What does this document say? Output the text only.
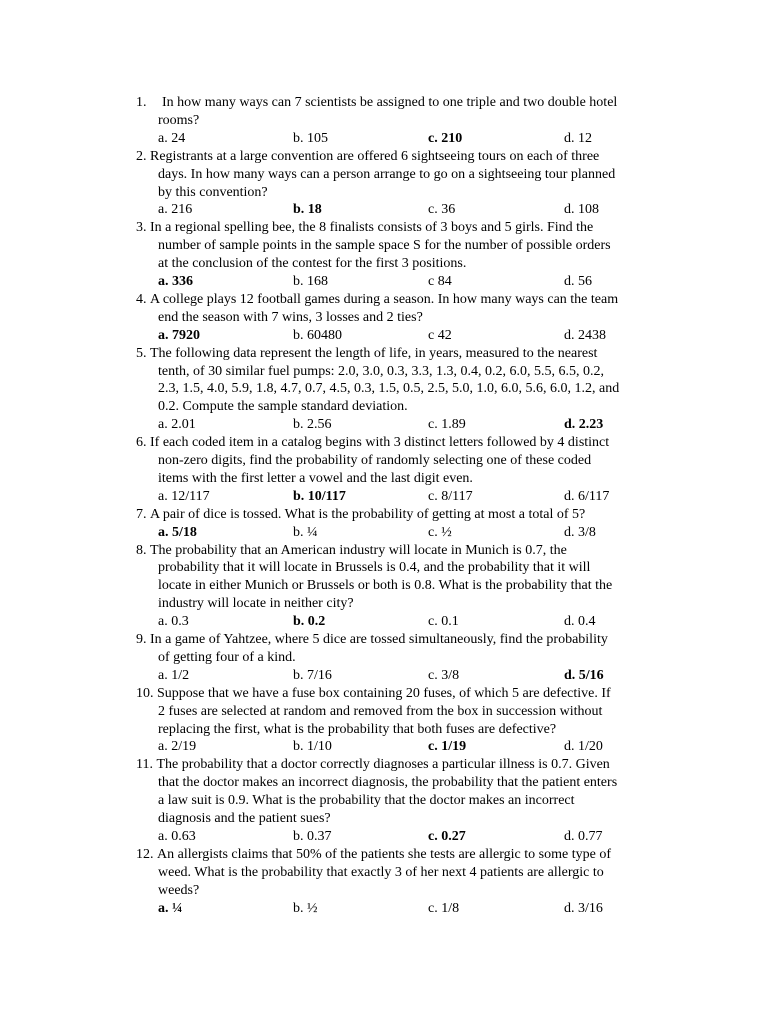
1.	In how many ways can 7 scientists be assigned to one triple and two double hotel
rooms?
a. 24	b. 105	c. 210	d. 12
2.
Registrants at a large convention are offered 6 sightseeing tours on each of three
days. In how many ways can a person arrange to go on a sightseeing tour planned
by this convention?
a. 216	b. 18	c. 36	d. 108
3.
In a regional spelling bee, the 8 finalists consists of 3 boys and 5 girls. Find the
number of sample points in the sample space S for the number of possible orders
at the conclusion of the contest for the first 3 positions.
a. 336	b. 168	c 84	d. 56
4.
A college plays 12 football games during a season. In how many ways can the team
end the season with 7 wins, 3 losses and 2 ties?
a. 7920	b. 60480	c 42	d. 2438
5.
The following data represent the length of life, in years, measured to the nearest
tenth, of 30 similar fuel pumps: 2.0, 3.0, 0.3, 3.3, 1.3, 0.4, 0.2, 6.0, 5.5, 6.5, 0.2,
2.3, 1.5, 4.0, 5.9, 1.8, 4.7, 0.7, 4.5, 0.3, 1.5, 0.5, 2.5, 5.0, 1.0, 6.0, 5.6, 6.0, 1.2, and
0.2. Compute the sample standard deviation.
a. 2.01	b. 2.56	c. 1.89	d. 2.23
6.
If each coded item in a catalog begins with 3 distinct letters followed by 4 distinct
non-zero digits, find the probability of randomly selecting one of these coded
items with the first letter a vowel and the last digit even.
a. 12/117	b. 10/117	c. 8/117	d. 6/117
7.
A pair of dice is tossed. What is the probability of getting at most a total of 5?
a. 5/18	b. ¼	c. ½	d. 3/8
8.
The probability that an American industry will locate in Munich is 0.7, the
probability that it will locate in Brussels is 0.4, and the probability that it will
locate in either Munich or Brussels or both is 0.8. What is the probability that the
industry will locate in neither city?
a. 0.3	b. 0.2	c. 0.1	d. 0.4
9.
In a game of Yahtzee, where 5 dice are tossed simultaneously, find the probability
of getting four of a kind.
a. 1/2	b. 7/16	c. 3/8	d. 5/16
10.
Suppose that we have a fuse box containing 20 fuses, of which 5 are defective. If
2 fuses are selected at random and removed from the box in succession without
replacing the first, what is the probability that both fuses are defective?
a. 2/19	b. 1/10	c. 1/19	d. 1/20
11.
The probability that a doctor correctly diagnoses a particular illness is 0.7. Given
that the doctor makes an incorrect diagnosis, the probability that the patient enters
a law suit is 0.9. What is the probability that the doctor makes an incorrect
diagnosis and the patient sues?
a. 0.63	b. 0.37	c. 0.27	d. 0.77
12.
An allergists claims that 50% of the patients she tests are allergic to some type of
weed. What is the probability that exactly 3 of her next 4 patients are allergic to
weeds?
a. ¼	b. ½	c. 1/8	d. 3/16
